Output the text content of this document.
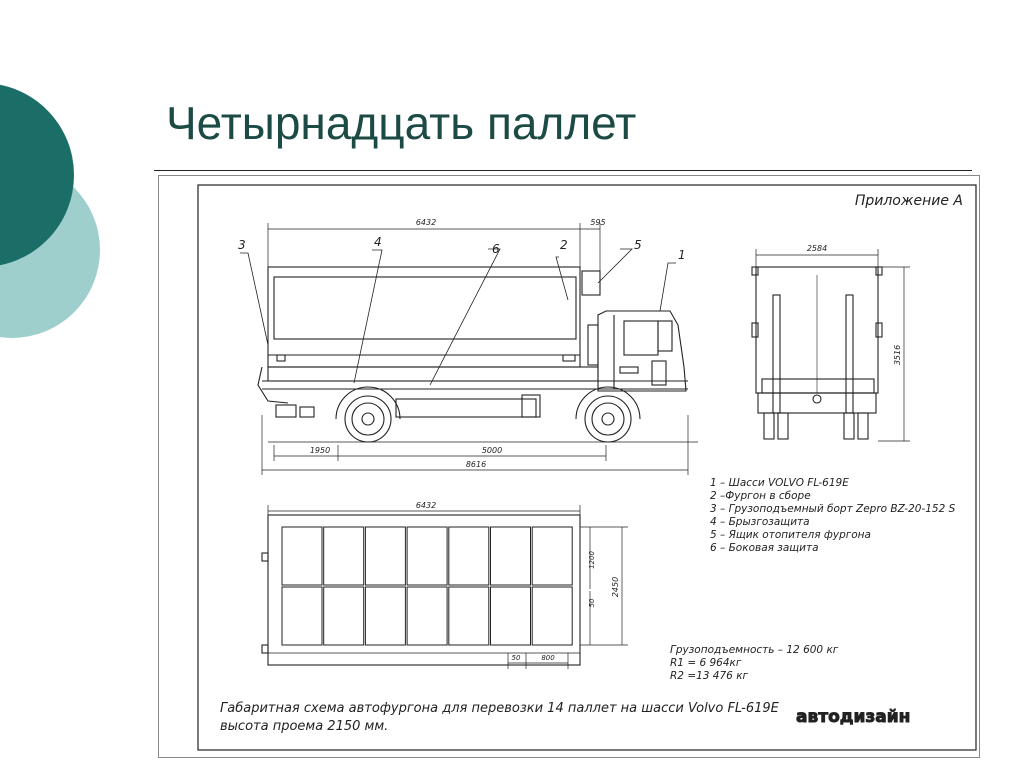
Четырнадцать паллет
Приложение А
6432	595
1950	5000
8616
1
2
3	4	6	5	2584
3516
6432
1200
50
2450
50	800
1 – Шасси VOLVO FL-619E
2 –Фургон в сборе
3 – Грузоподъемный борт Zepro BZ-20-152 S
4 – Брызгозащита
5 – Ящик отопителя фургона
6 – Боковая защита
Грузоподъемность – 12 600 кг
R1 = 6 964кг
R2 =13 476 кг
Габаритная схема автофургона для перевозки 14 паллет на шасси Volvo FL-619E
высота проема 2150 мм.	автодизайн
